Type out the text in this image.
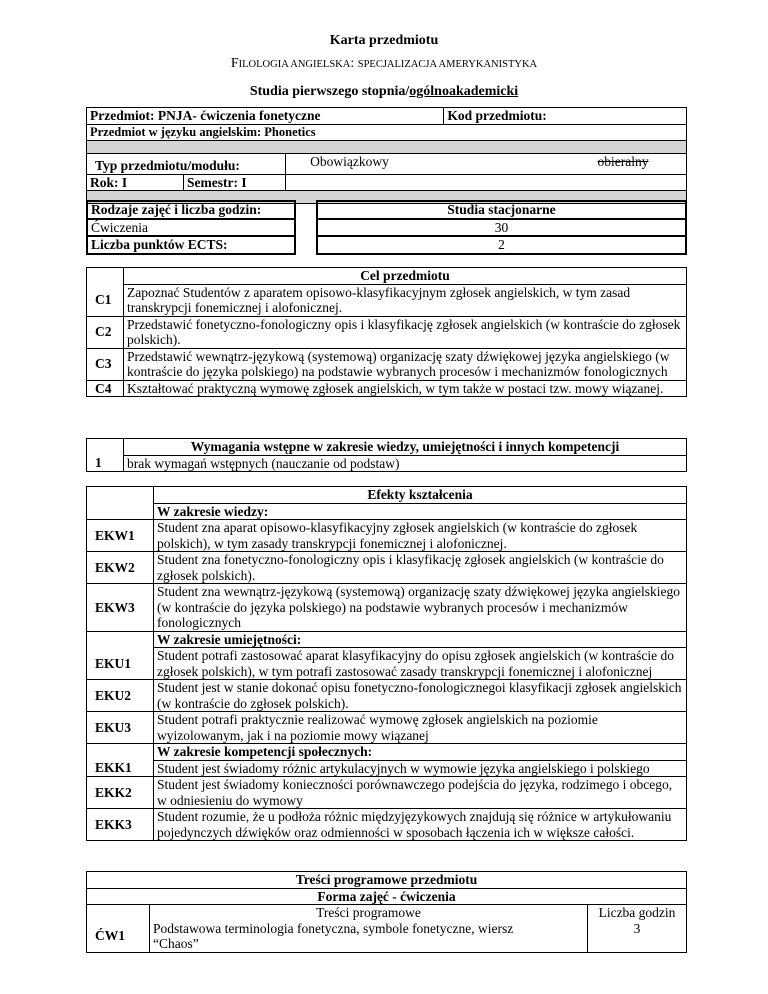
Karta przedmiotu
FILOLOGIA ANGIELSKA: SPECJALIZACJA AMERYKANISTYKA
Studia pierwszego stopnia/ogólnoakademicki
Przedmiot: PNJA- ćwiczenia fonetyczne			Kod przedmiotu:	
Przedmiot w języku angielskim: Phonetics				

Typ przedmiotu/modułu:		Obowiązkowy		obieralny
Rok: I	Semestr: I			

Rodzaje zajęć i liczba godzin:		Studia stacjonarne
Ćwiczenia		30
Liczba punktów ECTS:		2
	Cel przedmiotu
C1	Zapoznać Studentów z aparatem opisowo-klasyfikacyjnym zgłosek angielskich, w tym zasad transkrypcji fonemicznej i alofonicznej.
C2	Przedstawić fonetyczno-fonologiczny opis i klasyfikację zgłosek angielskich (w kontraście do zgłosek polskich).
C3	Przedstawić wewnątrz-językową (systemową) organizację szaty dźwiękowej języka angielskiego (w kontraście do języka polskiego) na podstawie wybranych procesów i mechanizmów fonologicznych
C4	Kształtować praktyczną wymowę zgłosek angielskich, w tym także w postaci tzw. mowy wiązanej.
	Wymagania wstępne w zakresie wiedzy, umiejętności i innych kompetencji
1	brak wymagań wstępnych (nauczanie od podstaw)
	Efekty kształcenia
	W zakresie wiedzy:
EKW1	Student zna aparat opisowo-klasyfikacyjny zgłosek angielskich (w kontraście do zgłosek polskich), w tym zasady transkrypcji fonemicznej i alofonicznej.
EKW2	Student zna fonetyczno-fonologiczny opis i klasyfikację zgłosek angielskich (w kontraście do zgłosek polskich).
EKW3	Student zna wewnątrz-językową (systemową) organizację szaty dźwiękowej języka angielskiego (w kontraście do języka polskiego) na podstawie wybranych procesów i mechanizmów fonologicznych
	W zakresie umiejętności:
EKU1	Student potrafi zastosować aparat klasyfikacyjny do opisu zgłosek angielskich (w kontraście do zgłosek polskich), w tym potrafi zastosować zasady transkrypcji fonemicznej i alofonicznej
EKU2	Student jest w stanie dokonać opisu fonetyczno-fonologicznegoi klasyfikacji zgłosek angielskich (w kontraście do zgłosek polskich).
EKU3	Student potrafi praktycznie realizować wymowę zgłosek angielskich na poziomie wyizolowanym, jak i na poziomie mowy wiązanej
	W zakresie kompetencji społecznych:
EKK1	Student jest świadomy różnic artykulacyjnych w wymowie języka angielskiego i polskiego
EKK2	Student jest świadomy konieczności porównawczego podejścia do języka, rodzimego i obcego, w odniesieniu do wymowy
EKK3	Student rozumie, że u podłoża różnic międzyjęzykowych znajdują się różnice w artykułowaniu pojedynczych dźwięków oraz odmienności w sposobach łączenia ich w większe całości.
Treści programowe przedmiotu		
Forma zajęć - ćwiczenia		
	Treści programowe	Liczba godzin
ĆW1	Podstawowa terminologia fonetyczna, symbole fonetyczne, wiersz “Chaos”	3
